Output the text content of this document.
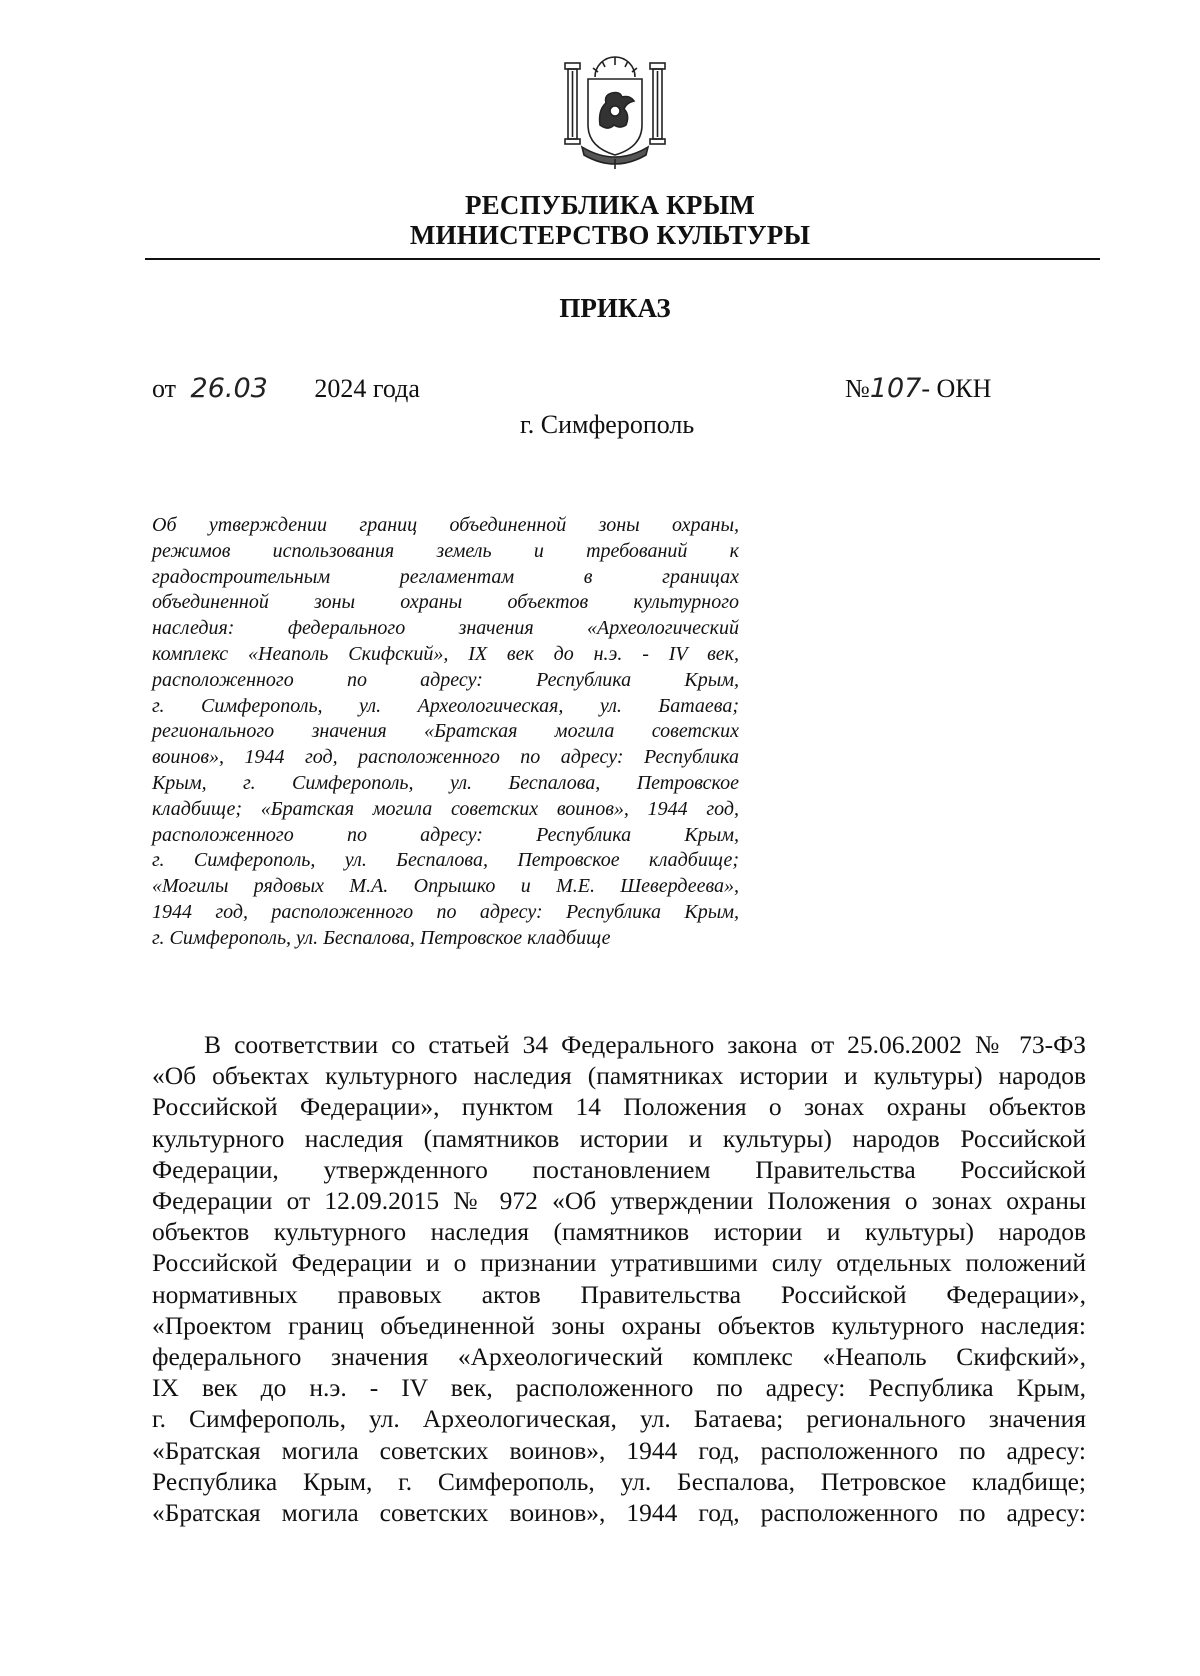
РЕСПУБЛИКА КРЫМ
МИНИСТЕРСТВО КУЛЬТУРЫ
ПРИКАЗ
от 26.03 2024 года	№107- ОКН
г. Симферополь
Об утверждении границ объединенной зоны охраны,
режимов использования земель и требований к
градостроительным регламентам в границах
объединенной зоны охраны объектов культурного
наследия: федерального значения «Археологический
комплекс «Неаполь Скифский», IX век до н.э. - IV век,
расположенного по адресу: Республика Крым,
г. Симферополь, ул. Археологическая, ул. Батаева;
регионального значения «Братская могила советских
воинов», 1944 год, расположенного по адресу: Республика
Крым, г. Симферополь, ул. Беспалова, Петровское
кладбище; «Братская могила советских воинов», 1944 год,
расположенного по адресу: Республика Крым,
г. Симферополь, ул. Беспалова, Петровское кладбище;
«Могилы рядовых М.А. Опрышко и М.Е. Шевердеева»,
1944 год, расположенного по адресу: Республика Крым,
г. Симферополь, ул. Беспалова, Петровское кладбище
В соответствии со статьей 34 Федерального закона от 25.06.2002 № 73-ФЗ
«Об объектах культурного наследия (памятниках истории и культуры) народов
Российской Федерации», пунктом 14 Положения о зонах охраны объектов
культурного наследия (памятников истории и культуры) народов Российской
Федерации, утвержденного постановлением Правительства Российской
Федерации от 12.09.2015 № 972 «Об утверждении Положения о зонах охраны
объектов культурного наследия (памятников истории и культуры) народов
Российской Федерации и о признании утратившими силу отдельных положений
нормативных правовых актов Правительства Российской Федерации»,
«Проектом границ объединенной зоны охраны объектов культурного наследия:
федерального значения «Археологический комплекс «Неаполь Скифский»,
IX век до н.э. - IV век, расположенного по адресу: Республика Крым,
г. Симферополь, ул. Археологическая, ул. Батаева; регионального значения
«Братская могила советских воинов», 1944 год, расположенного по адресу:
Республика Крым, г. Симферополь, ул. Беспалова, Петровское кладбище;
«Братская могила советских воинов», 1944 год, расположенного по адресу:
